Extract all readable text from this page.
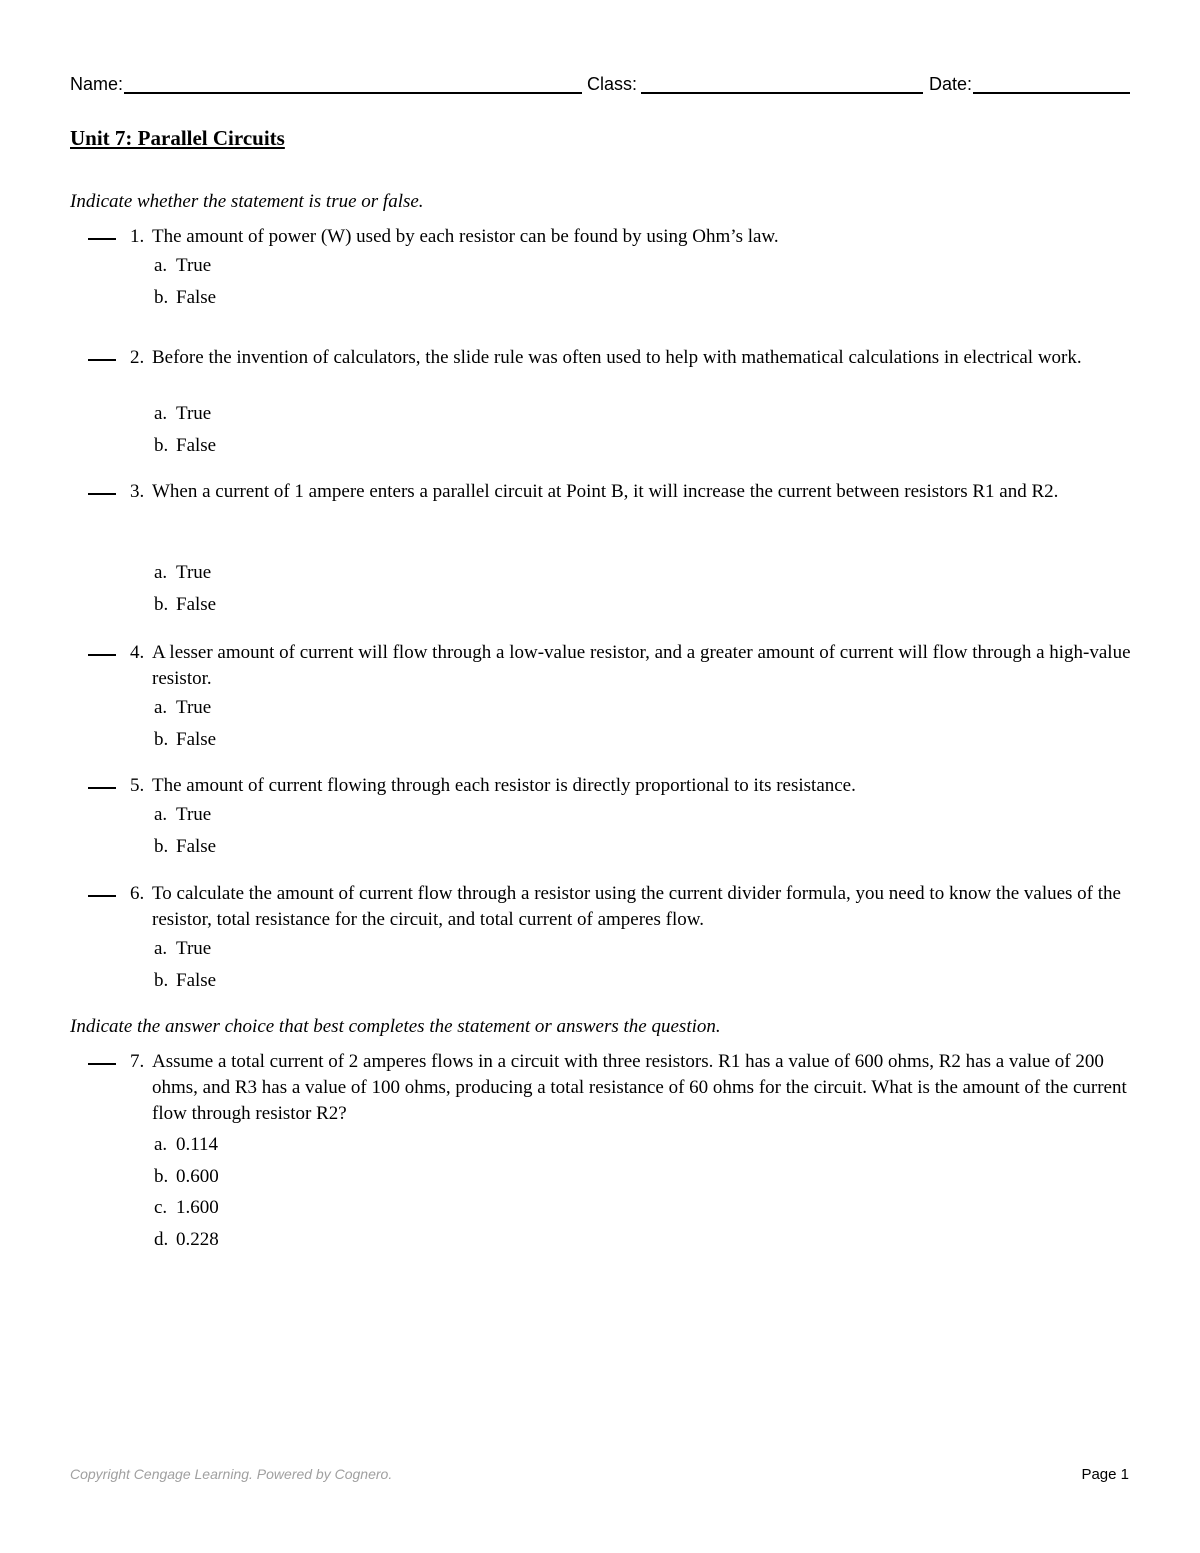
Name:	Class:	Date:
Unit 7: Parallel Circuits
Indicate whether the statement is true or false.
1. The amount of power (W) used by each resistor can be found by using Ohm’s law.
a. True
b. False
2. Before the invention of calculators, the slide rule was often used to help with mathematical calculations in electrical work.
a. True
b. False
3. When a current of 1 ampere enters a parallel circuit at Point B, it will increase the current between resistors R1 and R2.
a. True
b. False
4. A lesser amount of current will flow through a low-value resistor, and a greater amount of current will flow through a high-value resistor.
a. True
b. False
5. The amount of current flowing through each resistor is directly proportional to its resistance.
a. True
b. False
6. To calculate the amount of current flow through a resistor using the current divider formula, you need to know the values of the resistor, total resistance for the circuit, and total current of amperes flow.
a. True
b. False
Indicate the answer choice that best completes the statement or answers the question.
7. Assume a total current of 2 amperes flows in a circuit with three resistors. R1 has a value of 600 ohms, R2 has a value of 200 ohms, and R3 has a value of 100 ohms, producing a total resistance of 60 ohms for the circuit. What is the amount of the current flow through resistor R2?
a. 0.114
b. 0.600
c. 1.600
d. 0.228
Copyright Cengage Learning. Powered by Cognero.	Page 1
